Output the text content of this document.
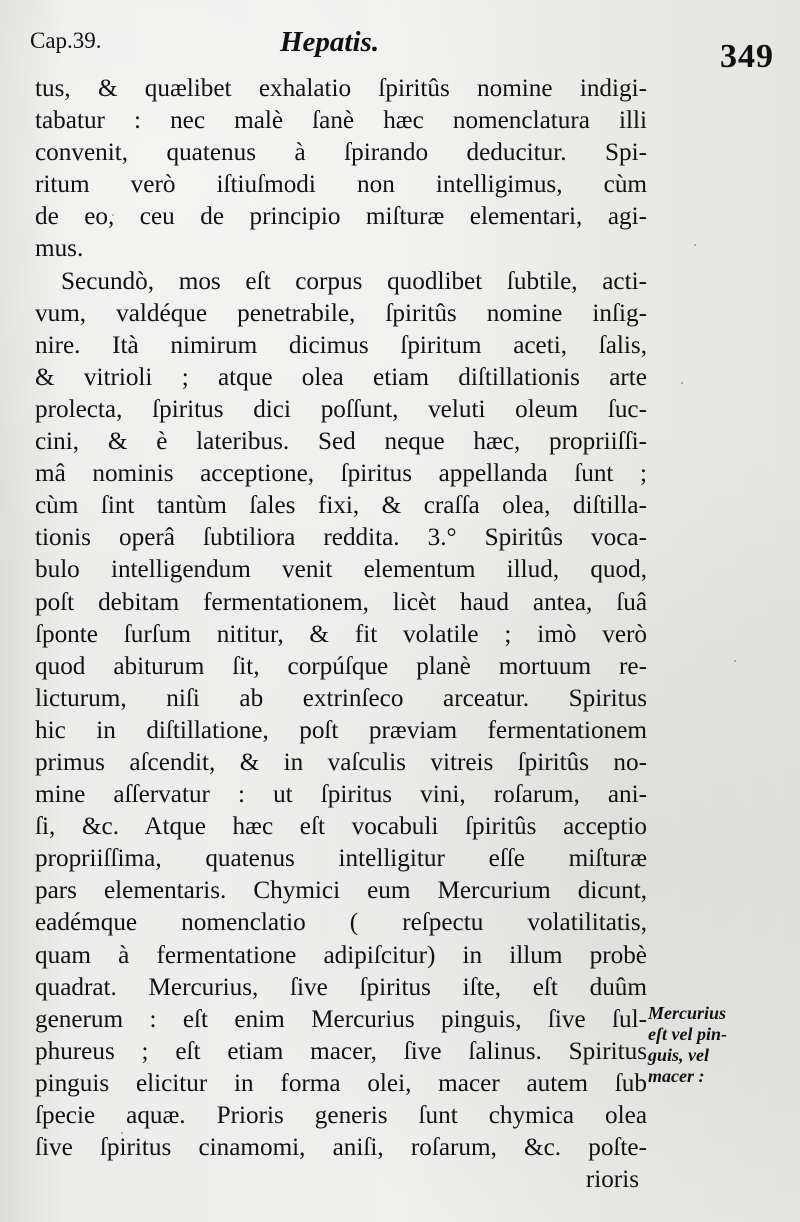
Cap.39.	Hepatis.	349
tus, & quælibet exhalatio ſpiritûs nomine indigi-
tabatur : nec malè ſanè hæc nomenclatura illi
convenit, quatenus à ſpirando deducitur. Spi-
ritum verò iſtiuſmodi non intelligimus, cùm
de eo, ceu de principio miſturæ elementari, agi-
mus.
Secundò, mos eſt corpus quodlibet ſubtile, acti-
vum, valdéque penetrabile, ſpiritûs nomine inſig-
nire. Ità nimirum dicimus ſpiritum aceti, ſalis,
& vitrioli ; atque olea etiam diſtillationis arte
prolecta, ſpiritus dici poſſunt, veluti oleum ſuc-
cini, & è lateribus. Sed neque hæc, propriiſſi-
mâ nominis acceptione, ſpiritus appellanda ſunt ;
cùm ſint tantùm ſales fixi, & craſſa olea, diſtilla-
tionis operâ ſubtiliora reddita. 3.° Spiritûs voca-
bulo intelligendum venit elementum illud, quod,
poſt debitam fermentationem, licèt haud antea, ſuâ
ſponte ſurſum nititur, & fit volatile ; imò verò
quod abiturum ſit, corpúſque planè mortuum re-
licturum, niſi ab extrinſeco arceatur. Spiritus
hic in diſtillatione, poſt præviam fermentationem
primus aſcendit, & in vaſculis vitreis ſpiritûs no-
mine aſſervatur : ut ſpiritus vini, roſarum, ani-
ſi, &c. Atque hæc eſt vocabuli ſpiritûs acceptio
propriiſſima, quatenus intelligitur eſſe miſturæ
pars elementaris. Chymici eum Mercurium dicunt,
eadémque nomenclatio ( reſpectu volatilitatis,
quam à fermentatione adipiſcitur) in illum probè
quadrat. Mercurius, ſive ſpiritus iſte, eſt duûm
generum : eſt enim Mercurius pinguis, ſive ſul-
phureus ; eſt etiam macer, ſive ſalinus. Spiritus
pinguis elicitur in forma olei, macer autem ſub
ſpecie aquæ. Prioris generis ſunt chymica olea
ſive ſpiritus cinamomi, aniſi, roſarum, &c. poſte-
rioris
Mercurius
eſt vel pin-
guis, vel
macer :
